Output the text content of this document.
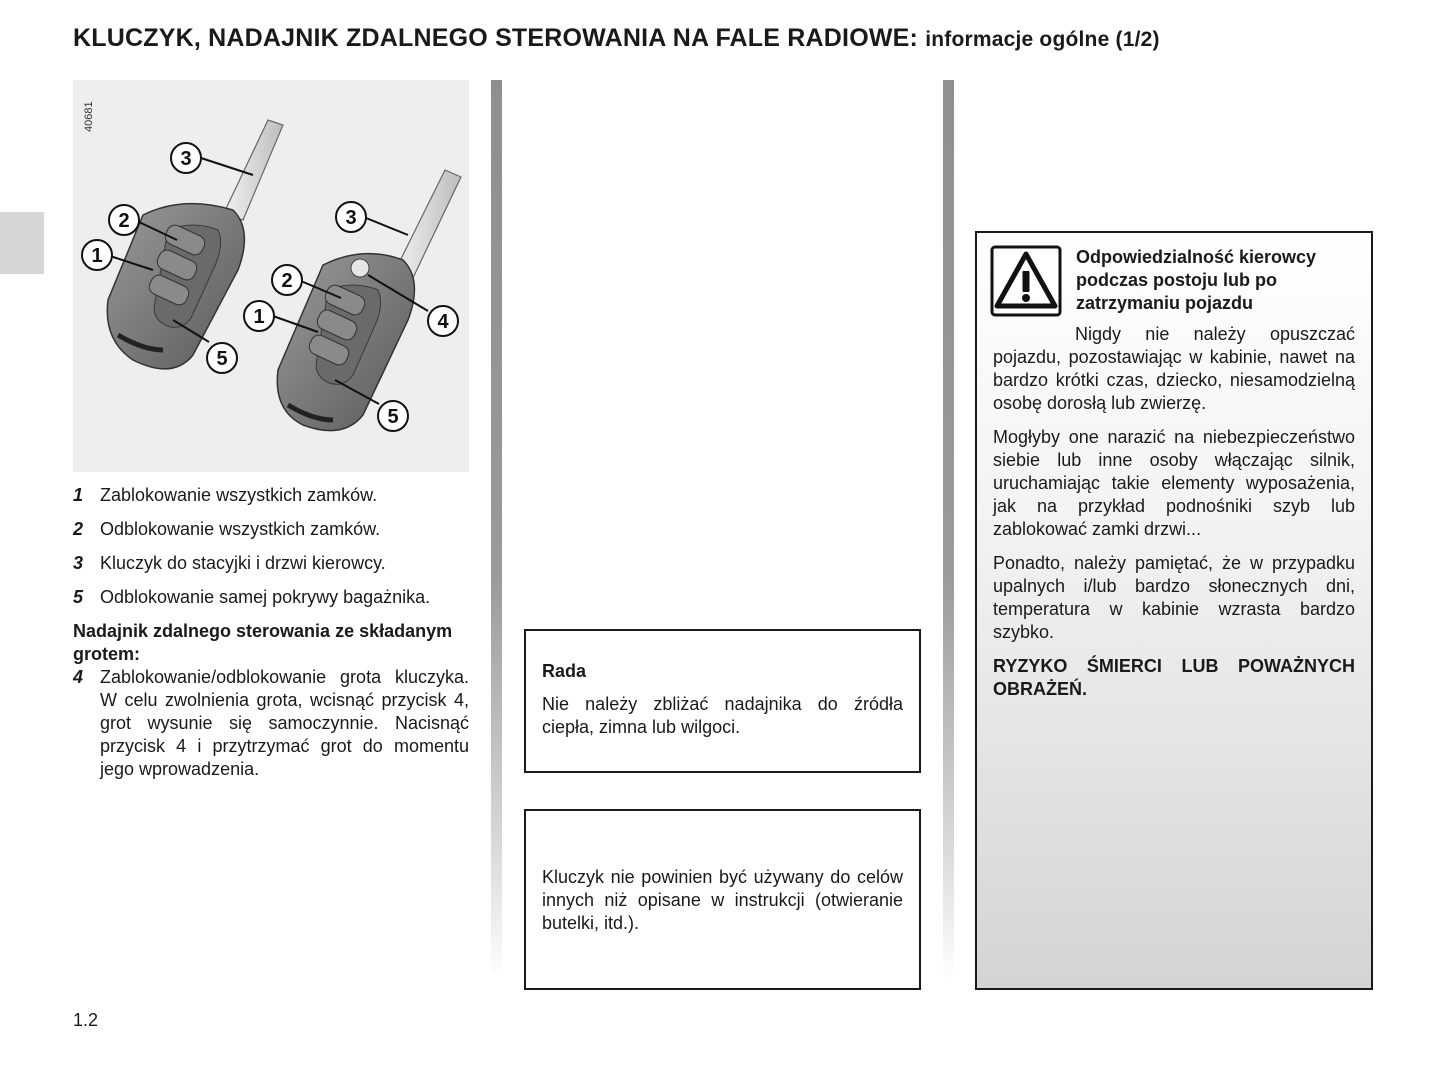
KLUCZYK, NADAJNIK ZDALNEGO STEROWANIA NA FALE RADIOWE: informacje ogólne (1/2)
3
2
1
5
3
2
4
1
5
40681
1 Zablokowanie wszystkich zamków.
2 Odblokowanie wszystkich zamków.
3 Kluczyk do stacyjki i drzwi kierowcy.
5 Odblokowanie samej pokrywy bagażnika.
Nadajnik zdalnego sterowania ze składanym grotem:
4 Zablokowanie/odblokowanie grota kluczyka. W celu zwolnienia grota, wcisnąć przycisk 4, grot wysunie się samoczynnie. Nacisnąć przycisk 4 i przytrzymać grot do momentu jego wprowadzenia.
Rada
Nie należy zbliżać nadajnika do źródła ciepła, zimna lub wilgoci.
Kluczyk nie powinien być używany do celów innych niż opisane w instrukcji (otwieranie butelki, itd.).
Odpowiedzialność kierowcy podczas postoju lub po zatrzymaniu pojazdu

Nigdy nie należy opuszczać pojazdu, pozostawiając w kabinie, nawet na bardzo krótki czas, dziecko, niesamodzielną osobę dorosłą lub zwierzę.

Mogłyby one narazić na niebezpieczeństwo siebie lub inne osoby włączając silnik, uruchamiając takie elementy wyposażenia, jak na przykład podnośniki szyb lub zablokować zamki drzwi...

Ponadto, należy pamiętać, że w przypadku upalnych i/lub bardzo słonecznych dni, temperatura w kabinie wzrasta bardzo szybko.

RYZYKO ŚMIERCI LUB POWAŻNYCH OBRAŻEŃ.

1.2
